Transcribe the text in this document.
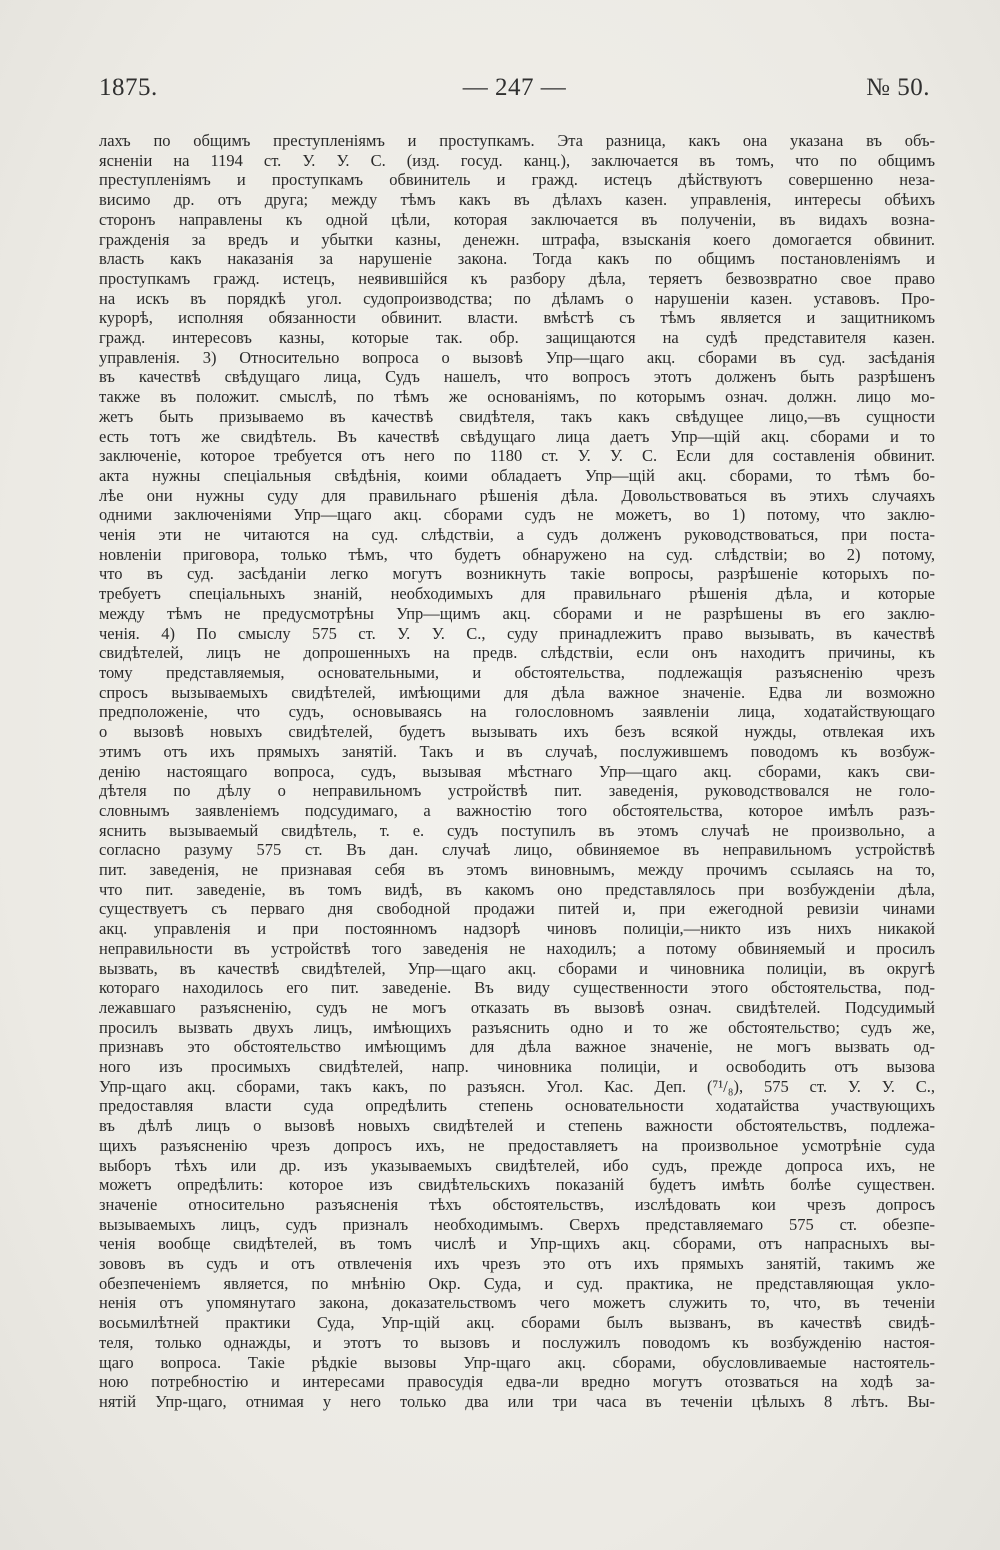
1875.	— 247 —	№ 50.
лахъ по общимъ преступленіямъ и проступкамъ. Эта разница, какъ она указана въ объ-
ясненіи на 1194 ст. У. У. С. (изд. госуд. канц.), заключается въ томъ, что по общимъ
преступленіямъ и проступкамъ обвинитель и гражд. истецъ дѣйствуютъ совершенно неза-
висимо др. отъ друга; между тѣмъ какъ въ дѣлахъ казен. управленія, интересы обѣихъ
сторонъ направлены къ одной цѣли, которая заключается въ полученіи, въ видахъ возна-
гражденія за вредъ и убытки казны, денежн. штрафа, взысканія коего домогается обвинит.
власть какъ наказанія за нарушеніе закона. Тогда какъ по общимъ постановленіямъ и
проступкамъ гражд. истецъ, неявившійся къ разбору дѣла, теряетъ безвозвратно свое право
на искъ въ порядкѣ угол. судопроизводства; по дѣламъ о нарушеніи казен. уставовъ. Про-
курорѣ, исполняя обязанности обвинит. власти. вмѣстѣ съ тѣмъ является и защитникомъ
гражд. интересовъ казны, которые так. обр. защищаются на судѣ представителя казен.
управленія. 3) Относительно вопроса о вызовѣ Упр—щаго акц. сборами въ суд. засѣданія
въ качествѣ свѣдущаго лица, Судъ нашелъ, что вопросъ этотъ долженъ быть разрѣшенъ
также въ положит. смыслѣ, по тѣмъ же основаніямъ, по которымъ означ. должн. лицо мо-
жетъ быть призываемо въ качествѣ свидѣтеля, такъ какъ свѣдущее лицо,—въ сущности
есть тотъ же свидѣтель. Въ качествѣ свѣдущаго лица даетъ Упр—щій акц. сборами и то
заключеніе, которое требуется отъ него по 1180 ст. У. У. С. Если для составленія обвинит.
акта нужны спеціальныя свѣдѣнія, коими обладаетъ Упр—щій акц. сборами, то тѣмъ бо-
лѣе они нужны суду для правильнаго рѣшенія дѣла. Довольствоваться въ этихъ случаяхъ
одними заключеніями Упр—щаго акц. сборами судъ не можетъ, во 1) потому, что заклю-
ченія эти не читаются на суд. слѣдствіи, а судъ долженъ руководствоваться, при поста-
новленіи приговора, только тѣмъ, что будетъ обнаружено на суд. слѣдствіи; во 2) потому,
что въ суд. засѣданіи легко могутъ возникнуть такіе вопросы, разрѣшеніе которыхъ по-
требуетъ спеціальныхъ знаній, необходимыхъ для правильнаго рѣшенія дѣла, и которые
между тѣмъ не предусмотрѣны Упр—щимъ акц. сборами и не разрѣшены въ его заклю-
ченія. 4) По смыслу 575 ст. У. У. С., суду принадлежитъ право вызывать, въ качествѣ
свидѣтелей, лицъ не допрошенныхъ на предв. слѣдствіи, если онъ находитъ причины, къ
тому представляемыя, основательными, и обстоятельства, подлежащія разъясненію чрезъ
спросъ вызываемыхъ свидѣтелей, имѣющими для дѣла важное значеніе. Едва ли возможно
предположеніе, что судъ, основываясь на голословномъ заявленіи лица, ходатайствующаго
о вызовѣ новыхъ свидѣтелей, будетъ вызывать ихъ безъ всякой нужды, отвлекая ихъ
этимъ отъ ихъ прямыхъ занятій. Такъ и въ случаѣ, послужившемъ поводомъ къ возбуж-
денію настоящаго вопроса, судъ, вызывая мѣстнаго Упр—щаго акц. сборами, какъ сви-
дѣтеля по дѣлу о неправильномъ устройствѣ пит. заведенія, руководствовался не голо-
словнымъ заявленіемъ подсудимаго, а важностію того обстоятельства, которое имѣлъ разъ-
яснить вызываемый свидѣтель, т. е. судъ поступилъ въ этомъ случаѣ не произвольно, а
согласно разуму 575 ст. Въ дан. случаѣ лицо, обвиняемое въ неправильномъ устройствѣ
пит. заведенія, не признавая себя въ этомъ виновнымъ, между прочимъ ссылаясь на то,
что пит. заведеніе, въ томъ видѣ, въ какомъ оно представлялось при возбужденіи дѣла,
существуетъ съ перваго дня свободной продажи питей и, при ежегодной ревизіи чинами
акц. управленія и при постоянномъ надзорѣ чиновъ полиціи,—никто изъ нихъ никакой
неправильности въ устройствѣ того заведенія не находилъ; а потому обвиняемый и просилъ
вызвать, въ качествѣ свидѣтелей, Упр—щаго акц. сборами и чиновника полиціи, въ округѣ
котораго находилось его пит. заведеніе. Въ виду существенности этого обстоятельства, под-
лежавшаго разъясненію, судъ не могъ отказать въ вызовѣ означ. свидѣтелей. Подсудимый
просилъ вызвать двухъ лицъ, имѣющихъ разъяснить одно и то же обстоятельство; судъ же,
признавъ это обстоятельство имѣющимъ для дѣла важное значеніе, не могъ вызвать од-
ного изъ просимыхъ свидѣтелей, напр. чиновника полиціи, и освободить отъ вызова
Упр-щаго акц. сборами, такъ какъ, по разъясн. Угол. Кас. Деп. (⁷¹/₈), 575 ст. У. У. С.,
предоставляя власти суда опредѣлить степень основательности ходатайства участвующихъ
въ дѣлѣ лицъ о вызовѣ новыхъ свидѣтелей и степень важности обстоятельствъ, подлежа-
щихъ разъясненію чрезъ допросъ ихъ, не предоставляетъ на произвольное усмотрѣніе суда
выборъ тѣхъ или др. изъ указываемыхъ свидѣтелей, ибо судъ, прежде допроса ихъ, не
можетъ опредѣлить: которое изъ свидѣтельскихъ показаній будетъ имѣть болѣе существен.
значеніе относительно разъясненія тѣхъ обстоятельствъ, изслѣдовать кои чрезъ допросъ
вызываемыхъ лицъ, судъ призналъ необходимымъ. Сверхъ представляемаго 575 ст. обезпе-
ченія вообще свидѣтелей, въ томъ числѣ и Упр-щихъ акц. сборами, отъ напрасныхъ вы-
зововъ въ судъ и отъ отвлеченія ихъ чрезъ это отъ ихъ прямыхъ занятій, такимъ же
обезпеченіемъ является, по мнѣнію Окр. Суда, и суд. практика, не представляющая укло-
ненія отъ упомянутаго закона, доказательствомъ чего можетъ служить то, что, въ теченіи
восьмилѣтней практики Суда, Упр-щій акц. сборами былъ вызванъ, въ качествѣ свидѣ-
теля, только однажды, и этотъ то вызовъ и послужилъ поводомъ къ возбужденію настоя-
щаго вопроса. Такіе рѣдкіе вызовы Упр-щаго акц. сборами, обусловливаемые настоятель-
ною потребностію и интересами правосудія едва-ли вредно могутъ отозваться на ходѣ за-
нятій Упр-щаго, отнимая у него только два или три часа въ теченіи цѣлыхъ 8 лѣтъ. Вы-
